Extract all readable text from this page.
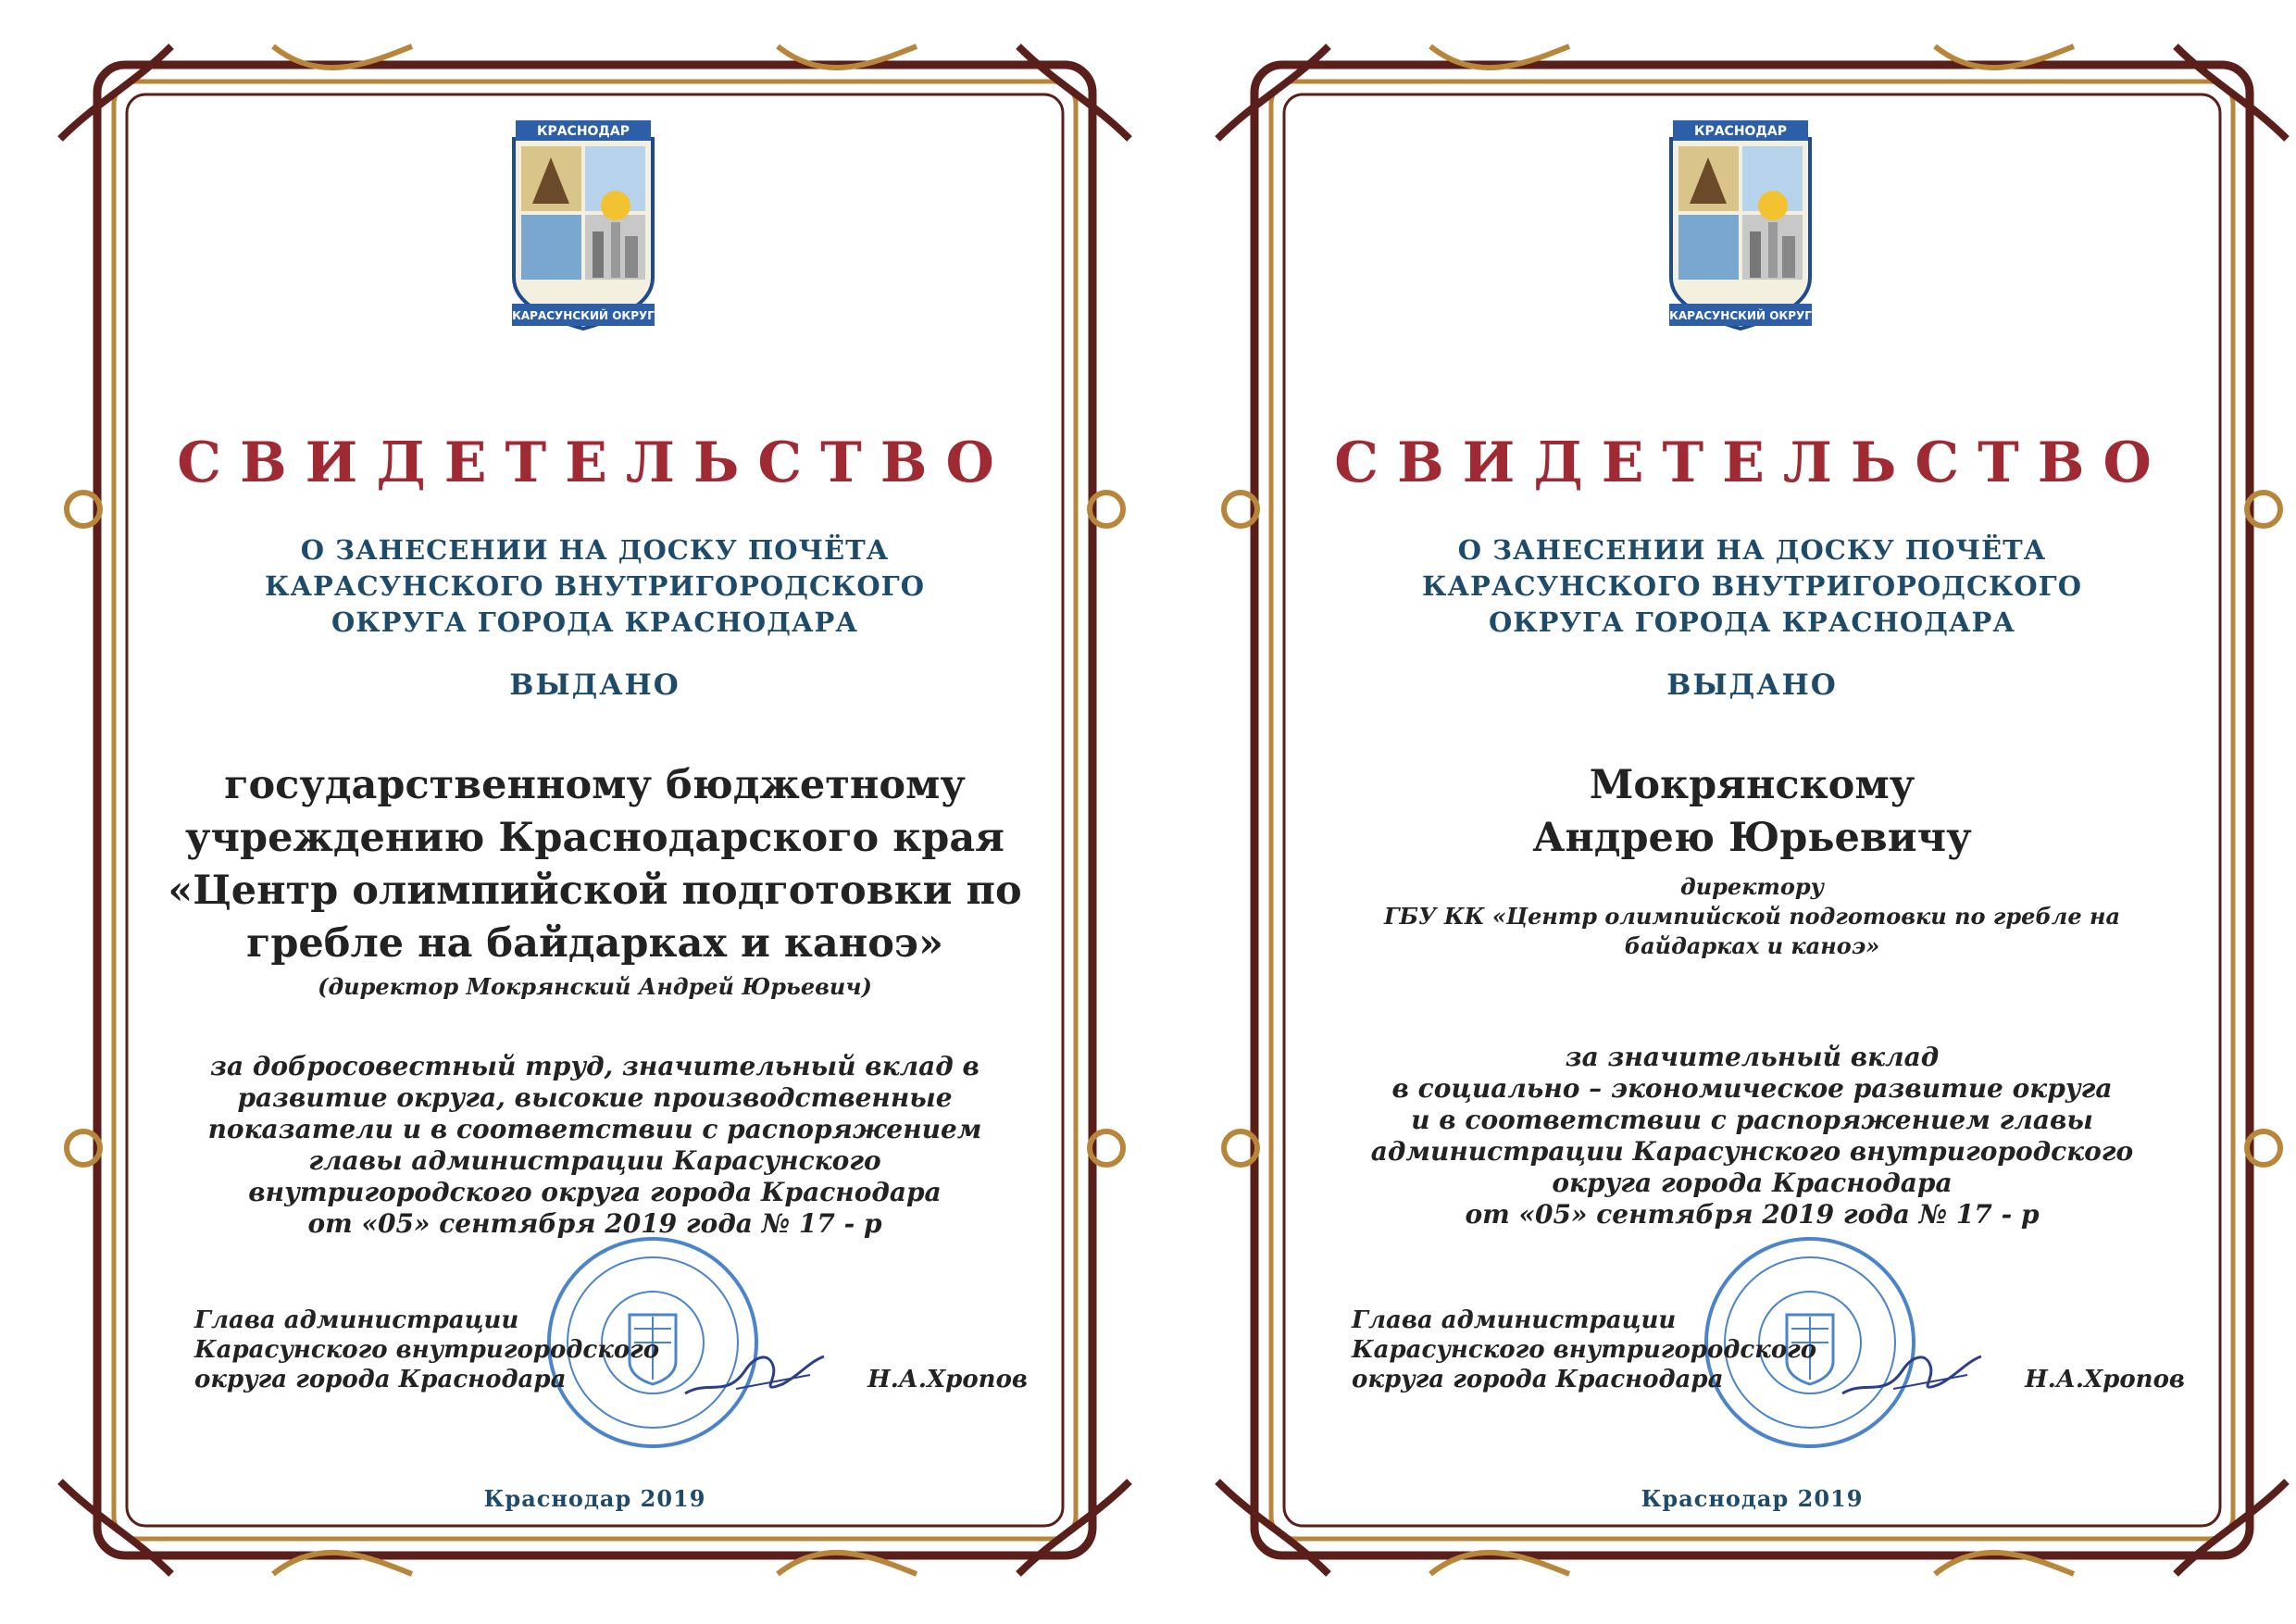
КРАСНОДАР
КАРАСУНСКИЙ ОКРУГ
СВИДЕТЕЛЬСТВО
О ЗАНЕСЕНИИ НА ДОСКУ ПОЧЁТА
КАРАСУНСКОГО ВНУТРИГОРОДСКОГО
ОКРУГА ГОРОДА КРАСНОДАРА
ВЫДАНО
государственному бюджетному
учреждению Краснодарского края
«Центр олимпийской подготовки по
гребле на байдарках и каноэ»
(директор Мокрянский Андрей Юрьевич)
за добросовестный труд, значительный вклад в
развитие округа, высокие производственные
показатели и в соответствии с распоряжением
главы администрации Карасунского
внутригородского округа города Краснодара
от «05» сентября 2019 года № 17 - р
Глава администрации
Карасунского внутригородского
округа города Краснодара	Н.А.Хропов
Краснодар 2019
КРАСНОДАР
КАРАСУНСКИЙ ОКРУГ
СВИДЕТЕЛЬСТВО
О ЗАНЕСЕНИИ НА ДОСКУ ПОЧЁТА
КАРАСУНСКОГО ВНУТРИГОРОДСКОГО
ОКРУГА ГОРОДА КРАСНОДАРА
ВЫДАНО
Мокрянскому
Андрею Юрьевичу
директору
ГБУ КК «Центр олимпийской подготовки по гребле на
байдарках и каноэ»
за значительный вклад
в социально – экономическое развитие округа
и в соответствии с распоряжением главы
администрации Карасунского внутригородского
округа города Краснодара
от «05» сентября 2019 года № 17 - р
Глава администрации
Карасунского внутригородского
округа города Краснодара	Н.А.Хропов
Краснодар 2019
